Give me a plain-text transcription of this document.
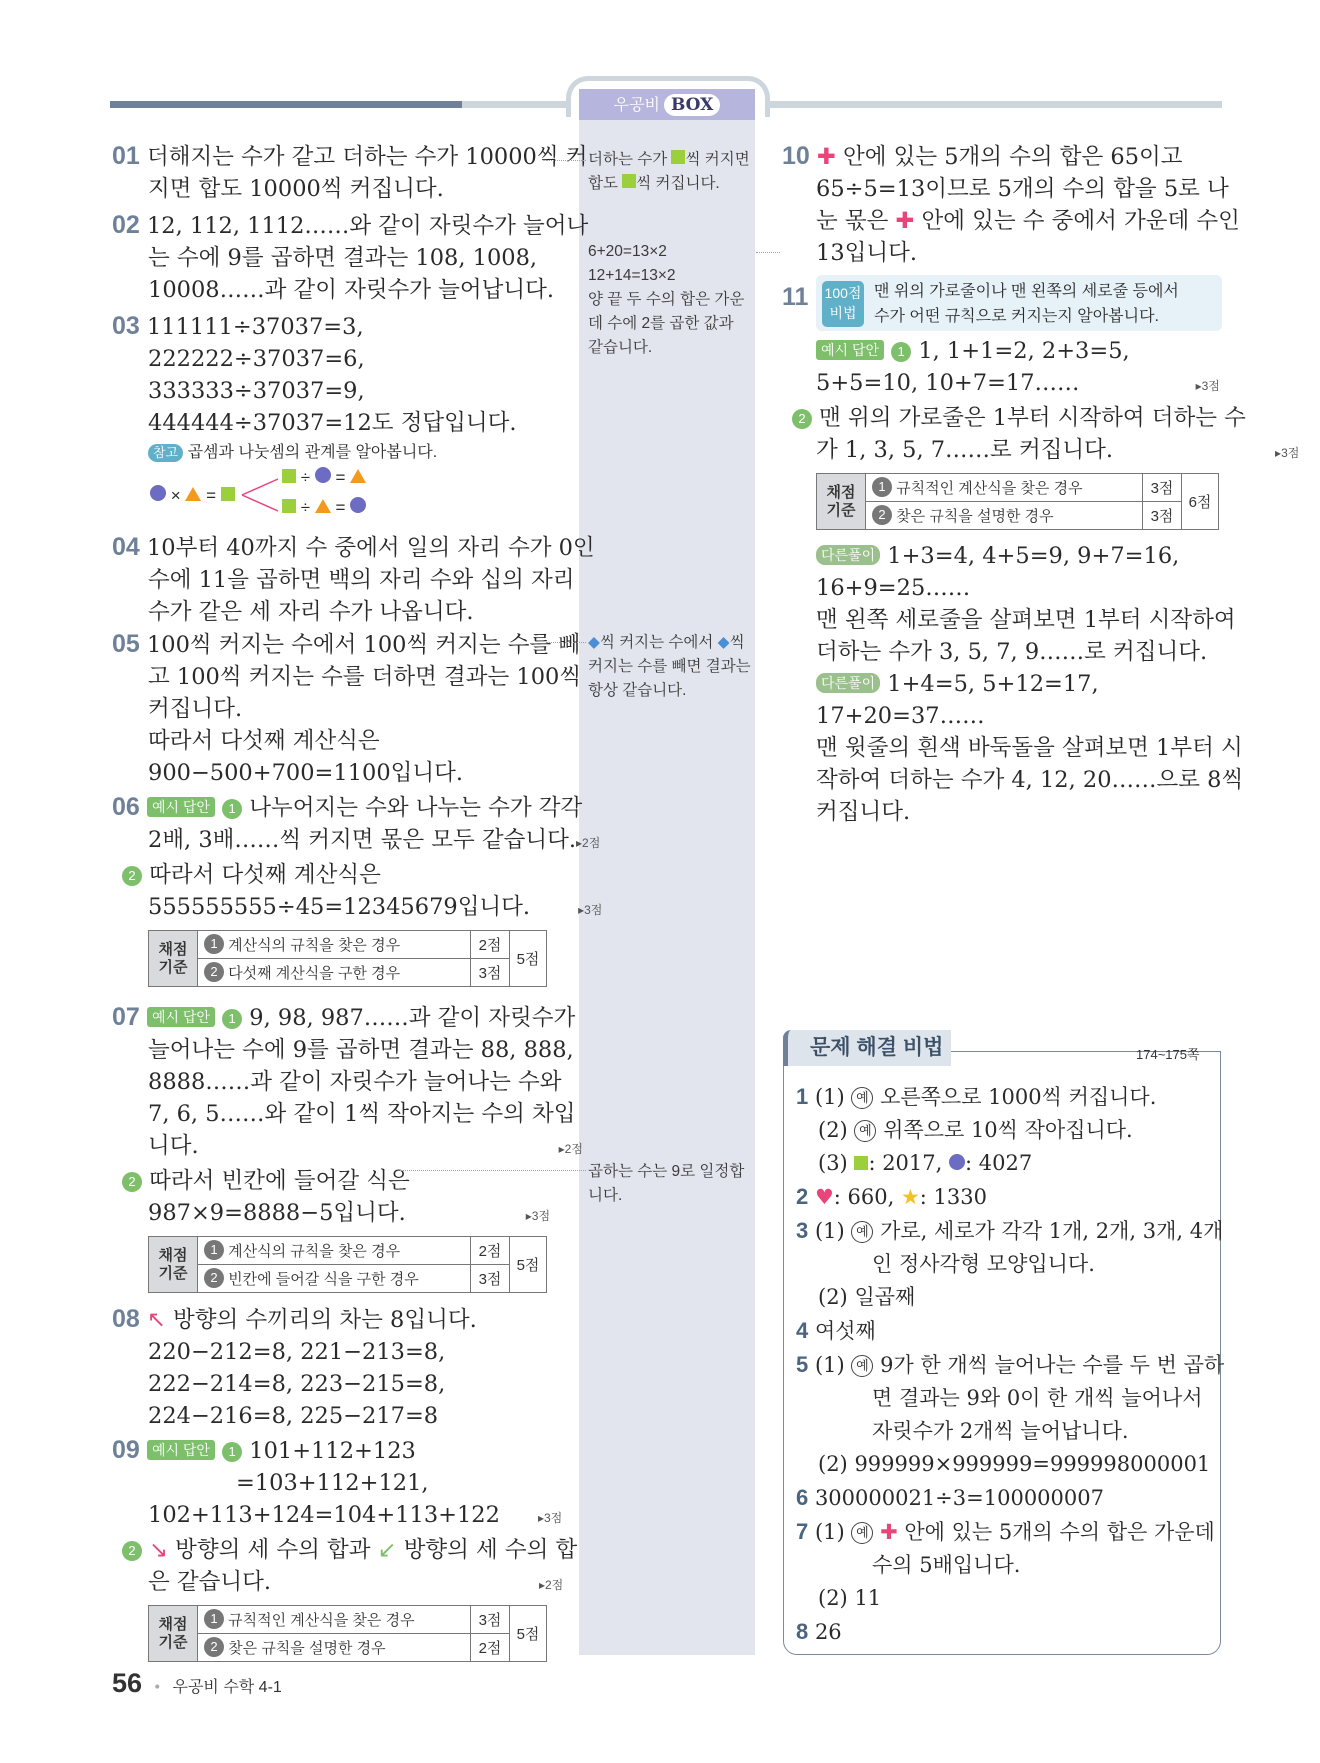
우공비 BOX
01 더해지는 수가 같고 더하는 수가 10000씩 커
지면 합도 10000씩 커집니다.
02 12, 112, 1112……와 같이 자릿수가 늘어나
는 수에 9를 곱하면 결과는 108, 1008,
10008……과 같이 자릿수가 늘어납니다.
03 111111÷37037=3,
222222÷37037=6,
333333÷37037=9,
444444÷37037=12도 정답입니다.
참고 곱셈과 나눗셈의 관계를 알아봅니다.
×  =
÷  =
÷  =
04 10부터 40까지 수 중에서 일의 자리 수가 0인
수에 11을 곱하면 백의 자리 수와 십의 자리
수가 같은 세 자리 수가 나옵니다.
05 100씩 커지는 수에서 100씩 커지는 수를 빼
고 100씩 커지는 수를 더하면 결과는 100씩
커집니다.
따라서 다섯째 계산식은
900−500+700=1100입니다.
06 예시 답안 1 나누어지는 수와 나누는 수가 각각
2배, 3배……씩 커지면 몫은 모두 같습니다.▸2점
2 따라서 다섯째 계산식은
555555555÷45=12345679입니다.	▸3점
채점 기준	1 계산식의 규칙을 찾은 경우	2점	5점
	2 다섯째 계산식을 구한 경우	3점	
07 예시 답안 1 9, 98, 987……과 같이 자릿수가
늘어나는 수에 9를 곱하면 결과는 88, 888,
8888……과 같이 자릿수가 늘어나는 수와
7, 6, 5……와 같이 1씩 작아지는 수의 차입
니다.	▸2점
2 따라서 빈칸에 들어갈 식은
987×9=8888−5입니다.	▸3점
채점 기준	1 계산식의 규칙을 찾은 경우	2점	5점
	2 빈칸에 들어갈 식을 구한 경우	3점	
08 ↖ 방향의 수끼리의 차는 8입니다.
220−212=8, 221−213=8,
222−214=8, 223−215=8,
224−216=8, 225−217=8
09 예시 답안 1 101+112+123
=103+112+121,
102+113+124=104+113+122	▸3점
2 ↘ 방향의 세 수의 합과 ↙ 방향의 세 수의 합
은 같습니다.	▸2점
채점 기준	1 규칙적인 계산식을 찾은 경우	3점	5점
	2 찾은 규칙을 설명한 경우	2점	
더하는 수가 씩 커지면
합도 씩 커집니다.
6+20=13×2
12+14=13×2
양 끝 두 수의 합은 가운
데 수에 2를 곱한 값과
같습니다.
◆씩 커지는 수에서 ◆씩
커지는 수를 빼면 결과는
항상 같습니다.
곱하는 수는 9로 일정합
니다.
10 ✚ 안에 있는 5개의 수의 합은 65이고
65÷5=13이므로 5개의 수의 합을 5로 나
눈 몫은 ✚ 안에 있는 수 중에서 가운데 수인
13입니다.
11 100점 비법
맨 위의 가로줄이나 맨 왼쪽의 세로줄 등에서
수가 어떤 규칙으로 커지는지 알아봅니다.
예시 답안 1 1, 1+1=2, 2+3=5,
5+5=10, 10+7=17……	▸3점
2 맨 위의 가로줄은 1부터 시작하여 더하는 수
가 1, 3, 5, 7……로 커집니다.	▸3점
채점 기준	1 규칙적인 계산식을 찾은 경우	3점	6점
	2 찾은 규칙을 설명한 경우	3점	
다른풀이 1+3=4, 4+5=9, 9+7=16,
16+9=25……
맨 왼쪽 세로줄을 살펴보면 1부터 시작하여
더하는 수가 3, 5, 7, 9……로 커집니다.
다른풀이 1+4=5, 5+12=17,
17+20=37……
맨 윗줄의 흰색 바둑돌을 살펴보면 1부터 시
작하여 더하는 수가 4, 12, 20……으로 8씩
커집니다.
문제 해결 비법	174~175쪽
1 (1) 예 오른쪽으로 1000씩 커집니다.
(2) 예 위쪽으로 10씩 작아집니다.
(3) : 2017, : 4027
2 ♥: 660, ★: 1330
3 (1) 예 가로, 세로가 각각 1개, 2개, 3개, 4개
인 정사각형 모양입니다.
(2) 일곱째
4 여섯째
5 (1) 예 9가 한 개씩 늘어나는 수를 두 번 곱하
면 결과는 9와 0이 한 개씩 늘어나서
자릿수가 2개씩 늘어납니다.
(2) 999999×999999=999998000001
6 300000021÷3=100000007
7 (1) 예 ✚ 안에 있는 5개의 수의 합은 가운데
수의 5배입니다.
(2) 11
8 26
56 • 우공비 수학 4-1
